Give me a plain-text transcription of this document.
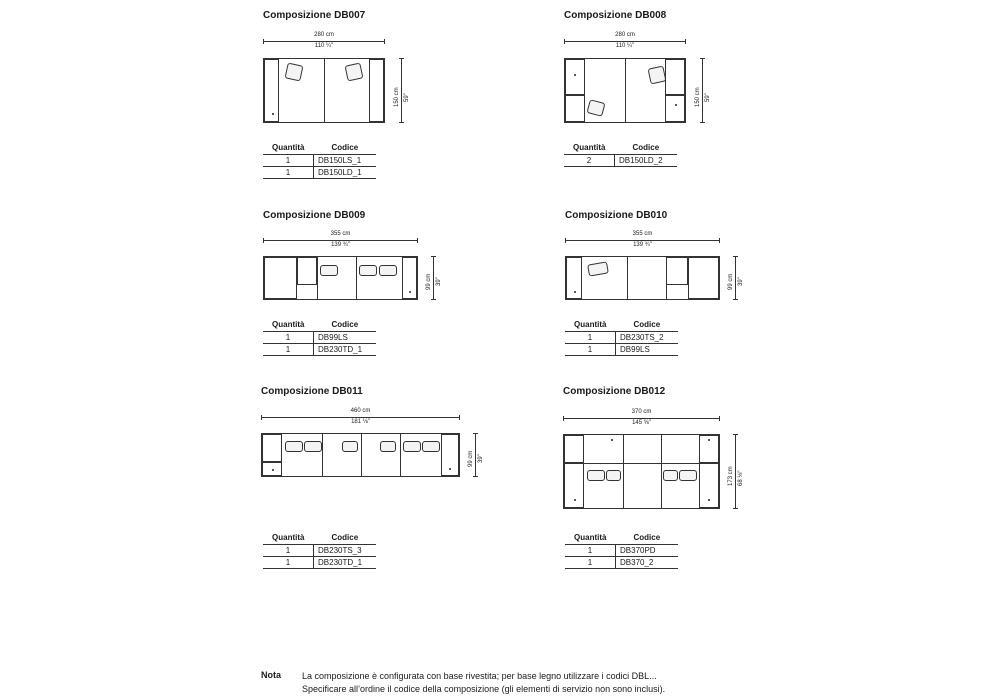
Composizione DB007
280 cm
110 ¼"
150 cm 59"
Quantità	Codice
1	DB150LS_1
1	DB150LD_1
Composizione DB008
280 cm
110 ¼"
150 cm 59"
Quantità	Codice
2	DB150LD_2
Composizione DB009
355 cm
139 ¾"
99 cm 39"
Quantità	Codice
1	DB99LS
1	DB230TD_1
Composizione DB010
355 cm
139 ¾"
99 cm 39"
Quantità	Codice
1	DB230TS_2
1	DB99LS
Composizione DB011
460 cm
181 ⅛"
99 cm 39"
Quantità	Codice
1	DB230TS_3
1	DB230TD_1
Composizione DB012
370 cm
145 ⅝"
173 cm 68 ⅛"
Quantità	Codice
1	DB370PD
1	DB370_2
Nota La composizione è configurata con base rivestita; per base legno utilizzare i codici DBL...
Specificare all’ordine il codice della composizione (gli elementi di servizio non sono inclusi).
